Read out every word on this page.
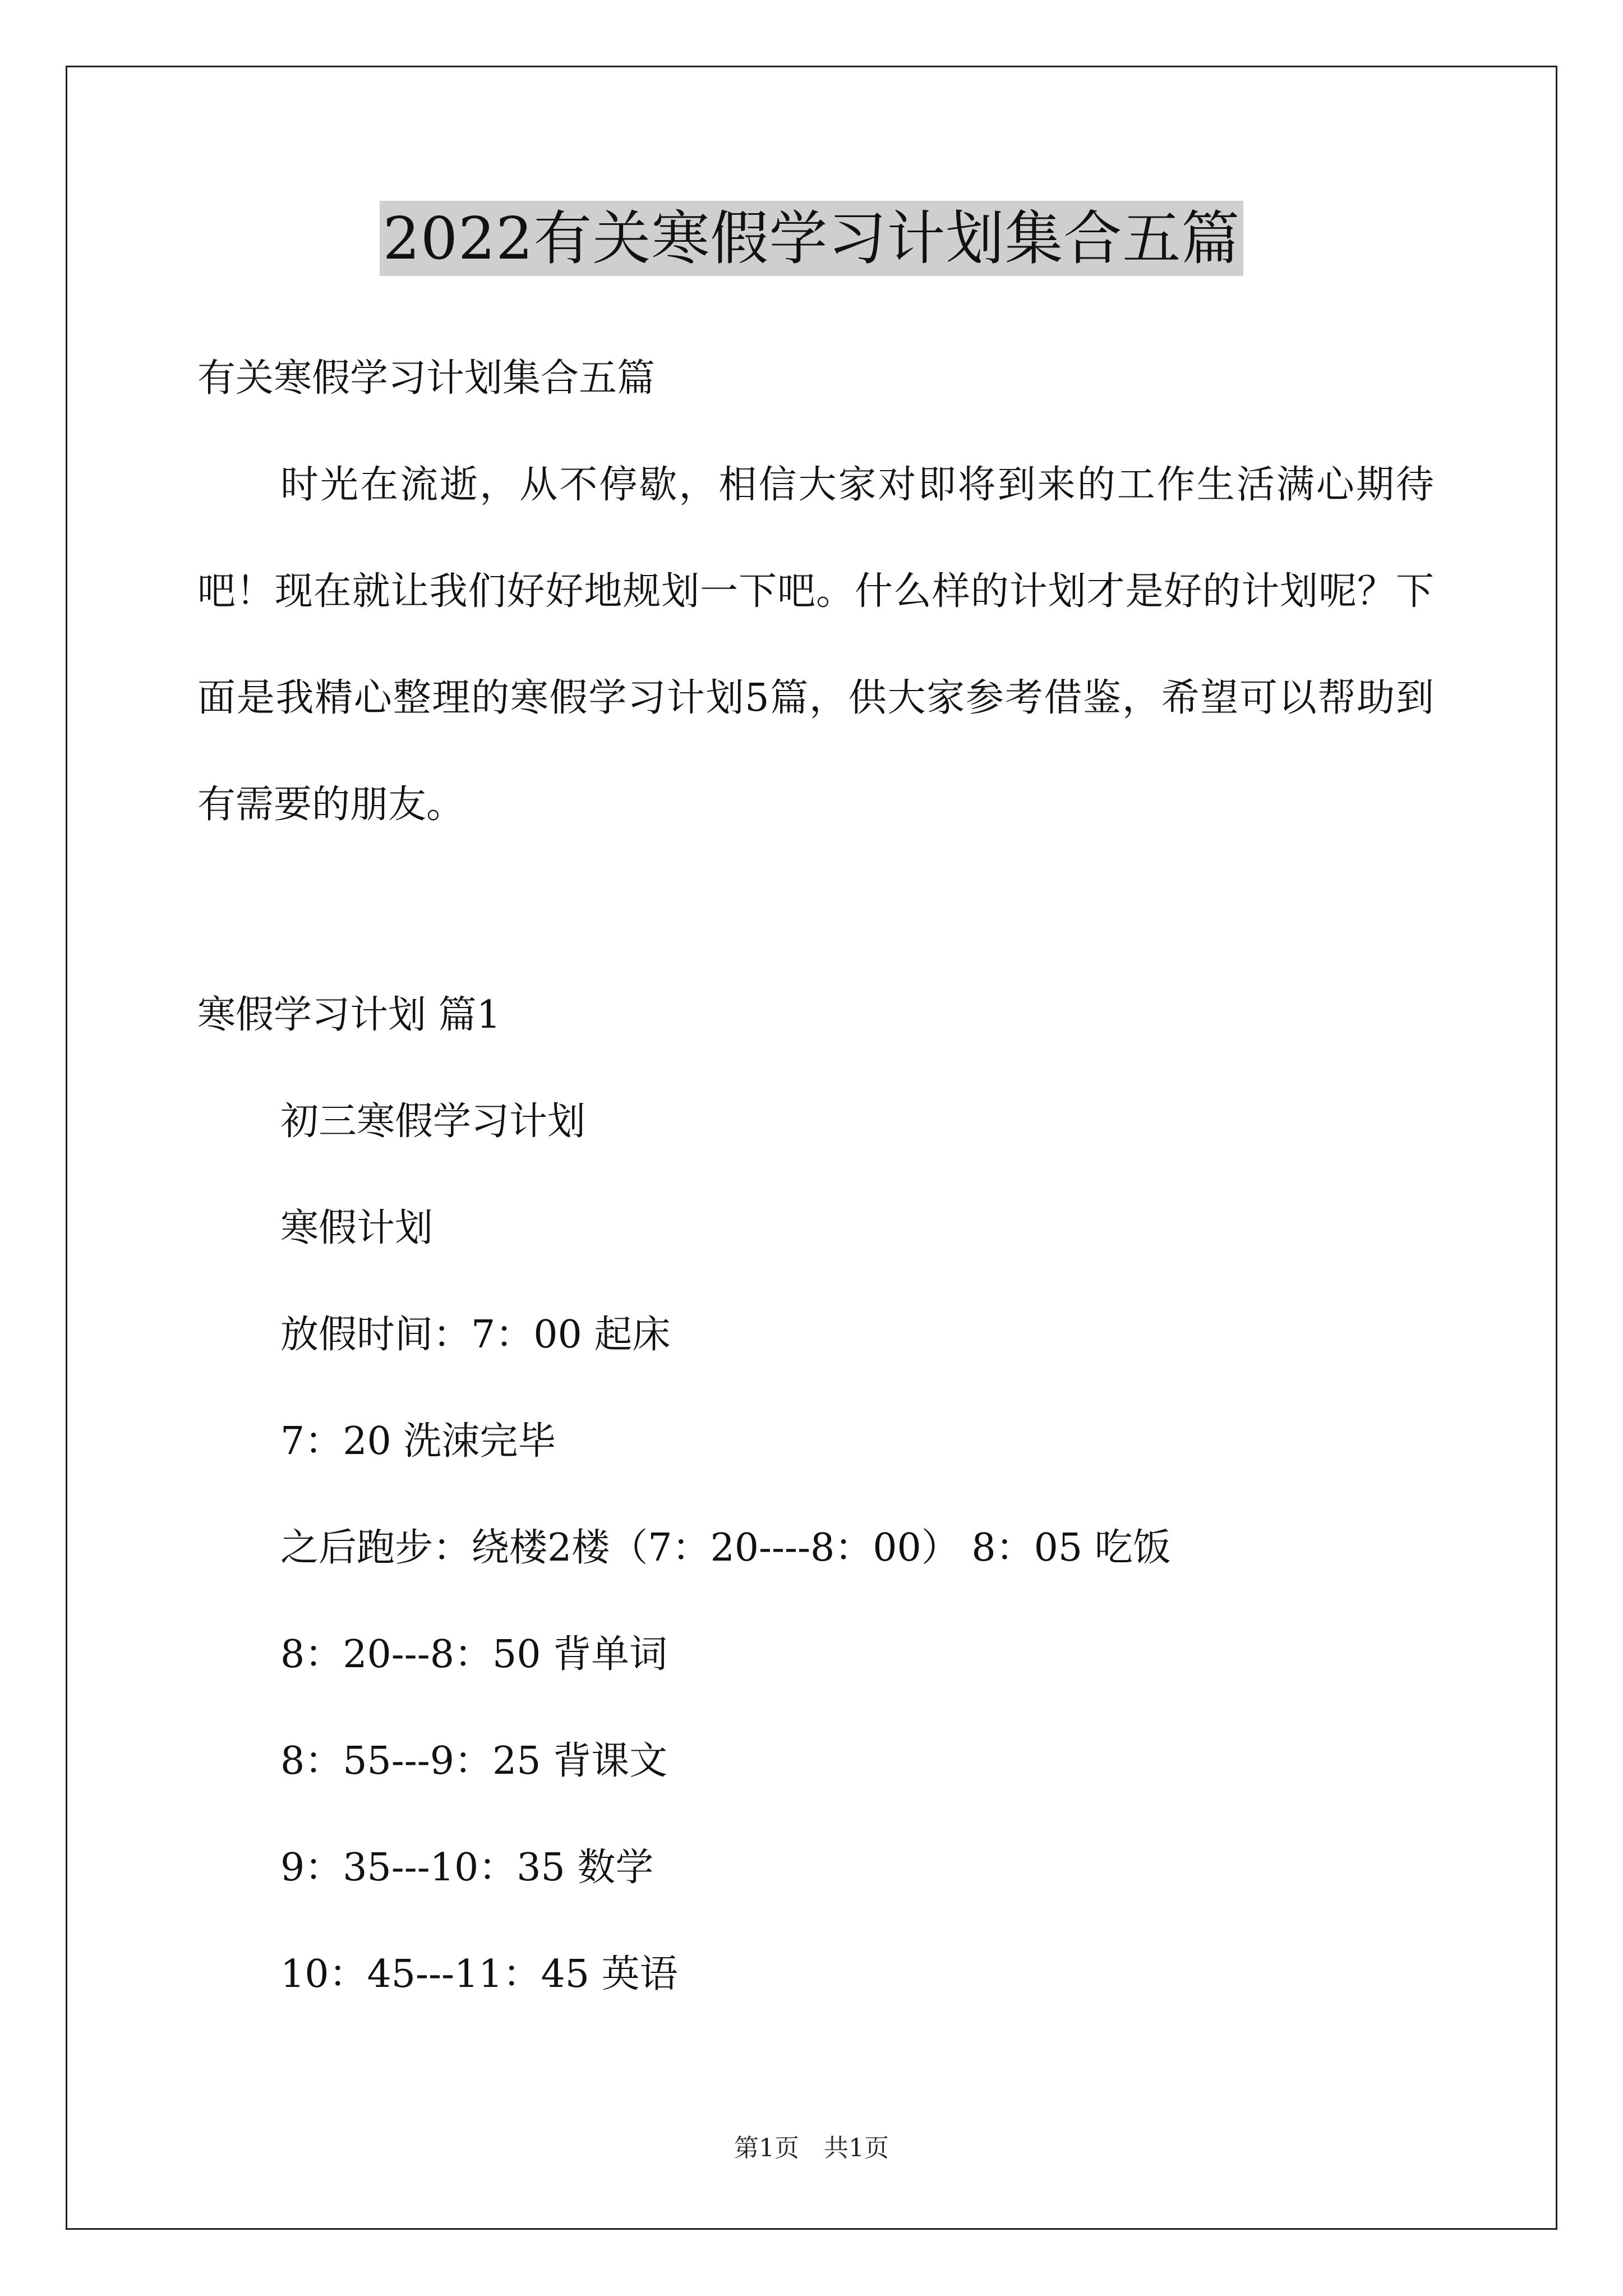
2022有关寒假学习计划集合五篇
有关寒假学习计划集合五篇
时光在流逝，从不停歇，相信大家对即将到来的工作生活满心期待吧！现在就让我们好好地规划一下吧。什么样的计划才是好的计划呢？下面是我精心整理的寒假学习计划5篇，供大家参考借鉴，希望可以帮助到有需要的朋友。
寒假学习计划 篇1
初三寒假学习计划
寒假计划
放假时间：7：00 起床
7：20 洗涑完毕
之后跑步：绕楼2楼（7：20----8：00） 8：05 吃饭
8：20---8：50 背单词
8：55---9：25 背课文
9：35---10：35 数学
10：45---11：45 英语
第1页　共1页
